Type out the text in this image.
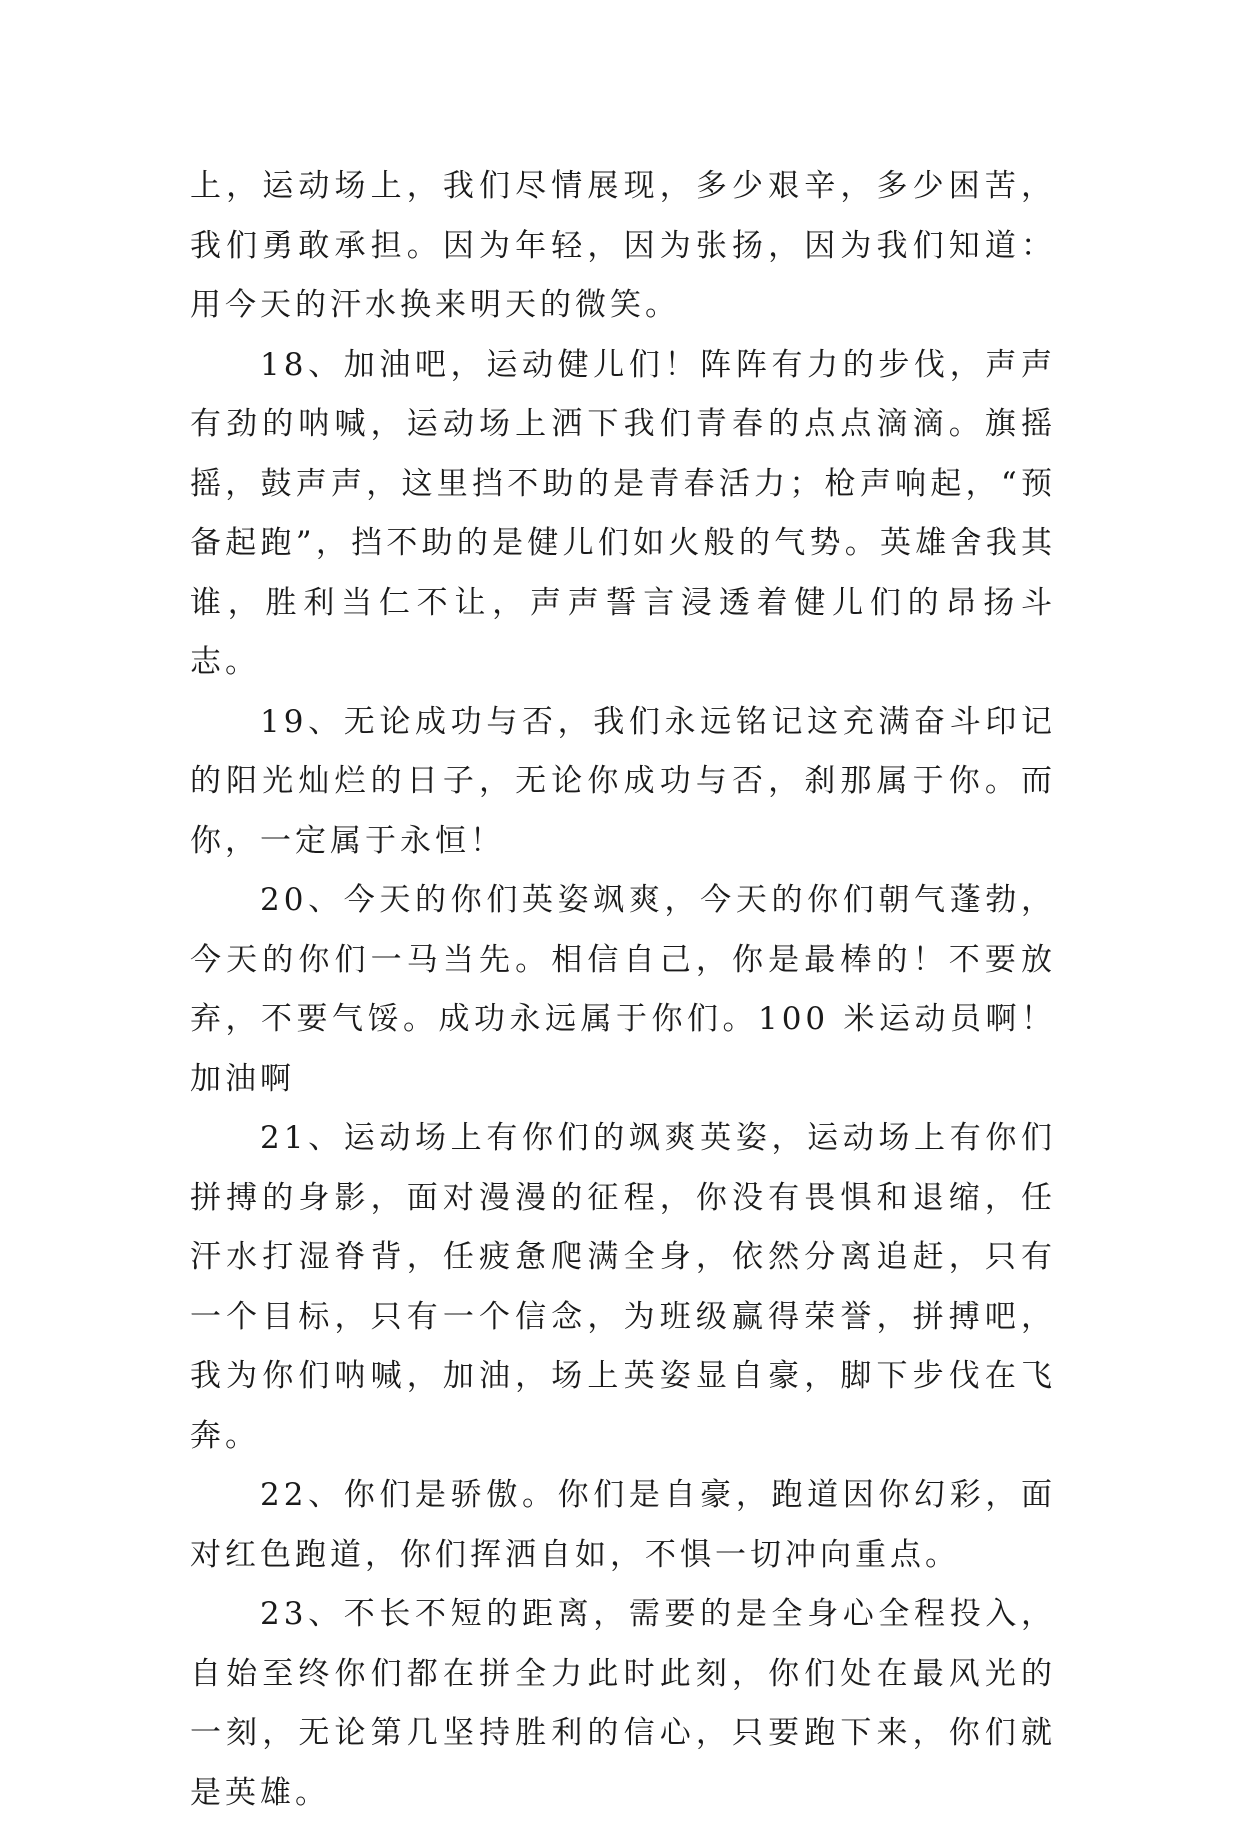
上，运动场上，我们尽情展现，多少艰辛，多少困苦，我们勇敢承担。因为年轻，因为张扬，因为我们知道：用今天的汗水换来明天的微笑。

18、加油吧，运动健儿们！阵阵有力的步伐，声声有劲的呐喊，运动场上洒下我们青春的点点滴滴。旗摇摇，鼓声声，这里挡不助的是青春活力；枪声响起，“预备起跑”，挡不助的是健儿们如火般的气势。英雄舍我其谁，胜利当仁不让，声声誓言浸透着健儿们的昂扬斗志。

19、无论成功与否，我们永远铭记这充满奋斗印记的阳光灿烂的日子，无论你成功与否，刹那属于你。而你，一定属于永恒！

20、今天的你们英姿飒爽，今天的你们朝气蓬勃，今天的你们一马当先。相信自己，你是最棒的！不要放弃，不要气馁。成功永远属于你们。100 米运动员啊！加油啊

21、运动场上有你们的飒爽英姿，运动场上有你们拼搏的身影，面对漫漫的征程，你没有畏惧和退缩，任汗水打湿脊背，任疲惫爬满全身，依然分离追赶，只有一个目标，只有一个信念，为班级赢得荣誉，拼搏吧，我为你们呐喊，加油，场上英姿显自豪，脚下步伐在飞奔。

22、你们是骄傲。你们是自豪，跑道因你幻彩，面对红色跑道，你们挥洒自如，不惧一切冲向重点。

23、不长不短的距离，需要的是全身心全程投入，自始至终你们都在拼全力此时此刻，你们处在最风光的一刻，无论第几坚持胜利的信心，只要跑下来，你们就是英雄。
